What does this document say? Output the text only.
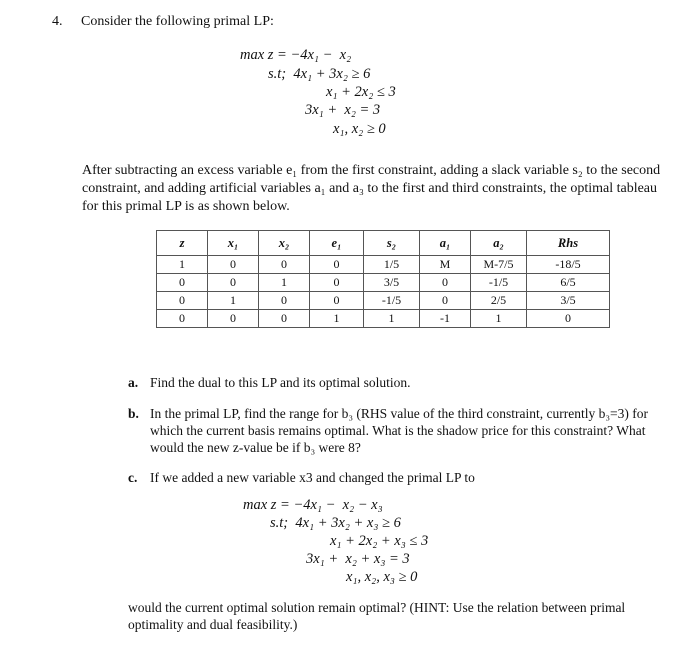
4. Consider the following primal LP:
max z = −4x₁ −  x₂
s.t;  4x₁ + 3x₂ ≥ 6
x₁ + 2x₂ ≤ 3
3x₁ +  x₂ = 3
x₁, x₂ ≥ 0
After subtracting an excess variable e₁ from the first constraint, adding a slack variable s₂ to the second constraint, and adding artificial variables a₁ and a₃ to the first and third constraints, the optimal tableau for this primal LP is as shown below.
z	x₁	x₂	e₁	s₂	a₁	a₂	Rhs
1	0	0	0	1/5	M	M-7/5	-18/5
0	0	1	0	3/5	0	-1/5	6/5
0	1	0	0	-1/5	0	2/5	3/5
0	0	0	1	1	-1	1	0
a. Find the dual to this LP and its optimal solution.
b. In the primal LP, find the range for b₃ (RHS value of the third constraint, currently b₃=3) for which the current basis remains optimal. What is the shadow price for this constraint? What would the new z-value be if b₃ were 8?
c. If we added a new variable x3 and changed the primal LP to
max z = −4x₁ −  x₂ − x₃
s.t;  4x₁ + 3x₂ + x₃ ≥ 6
x₁ + 2x₂ + x₃ ≤ 3
3x₁ +  x₂ + x₃ = 3
x₁, x₂, x₃ ≥ 0
would the current optimal solution remain optimal? (HINT: Use the relation between primal optimality and dual feasibility.)
